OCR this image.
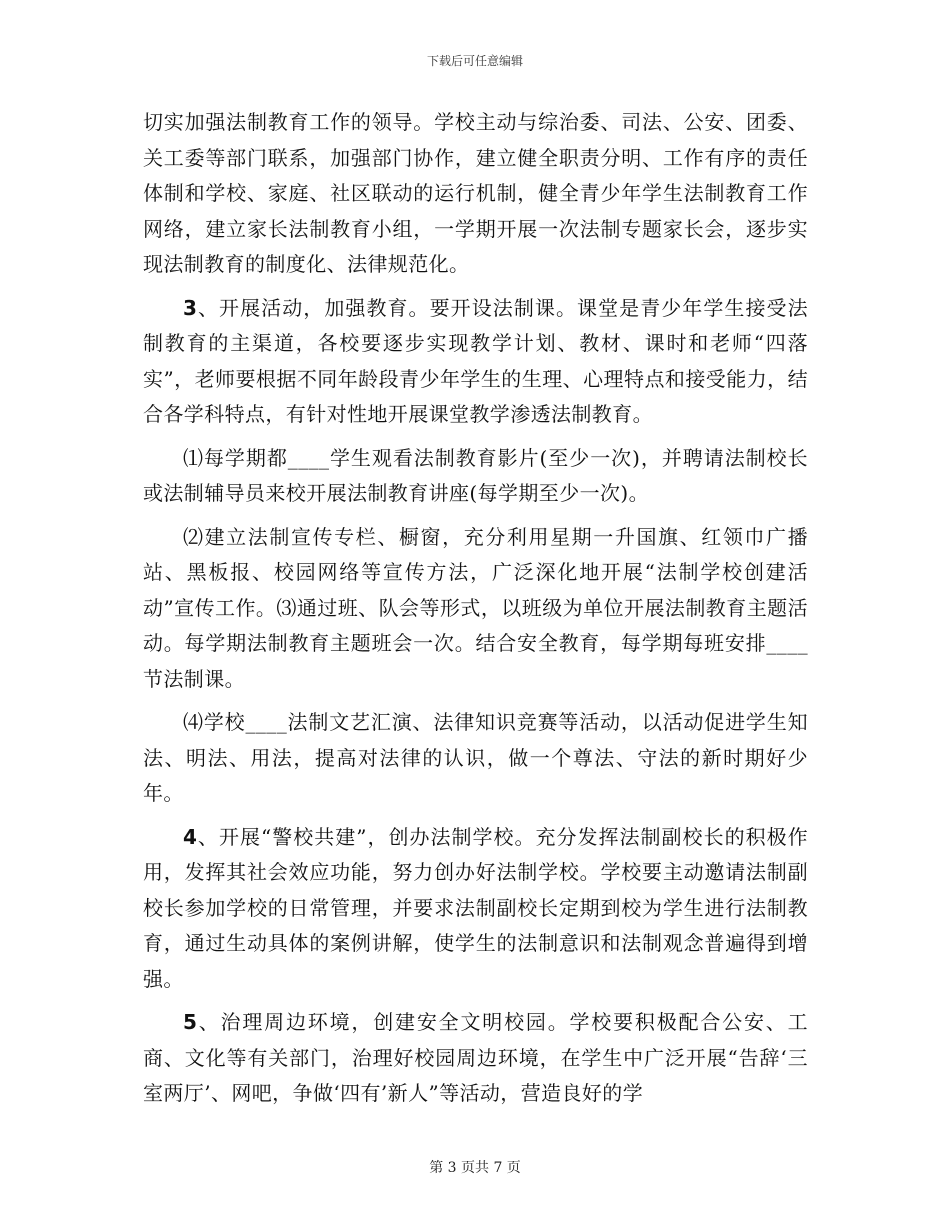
下载后可任意编辑

切实加强法制教育工作的领导。学校主动与综治委、司法、公安、团委、关工委等部门联系，加强部门协作，建立健全职责分明、工作有序的责任体制和学校、家庭、社区联动的运行机制，健全青少年学生法制教育工作网络，建立家长法制教育小组，一学期开展一次法制专题家长会，逐步实现法制教育的制度化、法律规范化。

3、开展活动，加强教育。要开设法制课。课堂是青少年学生接受法制教育的主渠道，各校要逐步实现教学计划、教材、课时和老师“四落实”，老师要根据不同年龄段青少年学生的生理、心理特点和接受能力，结合各学科特点，有针对性地开展课堂教学渗透法制教育。

⑴每学期都____学生观看法制教育影片(至少一次)，并聘请法制校长或法制辅导员来校开展法制教育讲座(每学期至少一次)。

⑵建立法制宣传专栏、橱窗，充分利用星期一升国旗、红领巾广播站、黑板报、校园网络等宣传方法，广泛深化地开展“法制学校创建活动”宣传工作。⑶通过班、队会等形式，以班级为单位开展法制教育主题活动。每学期法制教育主题班会一次。结合安全教育，每学期每班安排____节法制课。

⑷学校____法制文艺汇演、法律知识竞赛等活动，以活动促进学生知法、明法、用法，提高对法律的认识，做一个尊法、守法的新时期好少年。

4、开展“警校共建”，创办法制学校。充分发挥法制副校长的积极作用，发挥其社会效应功能，努力创办好法制学校。学校要主动邀请法制副校长参加学校的日常管理，并要求法制副校长定期到校为学生进行法制教育，通过生动具体的案例讲解，使学生的法制意识和法制观念普遍得到增强。

5、治理周边环境，创建安全文明校园。学校要积极配合公安、工商、文化等有关部门，治理好校园周边环境，在学生中广泛开展“告辞‘三室两厅’、网吧，争做‘四有’新人”等活动，营造良好的学

第 3 页共 7 页
